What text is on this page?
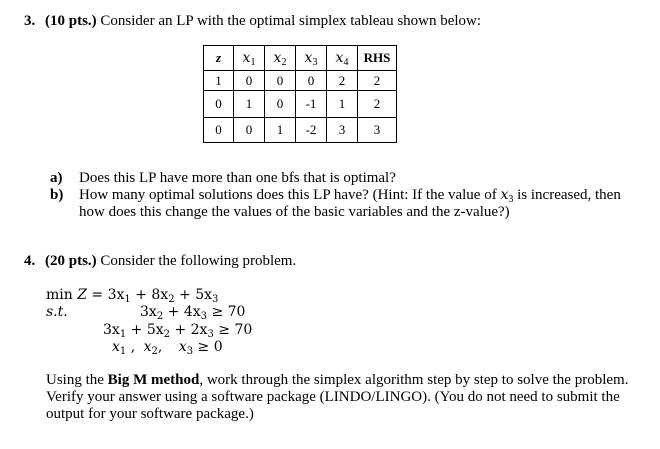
3. (10 pts.) Consider an LP with the optimal simplex tableau shown below:
z	$x_1$	$x_2$	$x_3$	$x_4$	RHS
1	0	0	0	2	2
0	1	0	-1	1	2
0	0	1	-2	3	3
a) Does this LP have more than one bfs that is optimal?
b) How many optimal solutions does this LP have? (Hint: If the value of $x_3$ is increased, then
how does this change the values of the basic variables and the z-value?)
4. (20 pts.) Consider the following problem.
$\min Z = 3x_1 + 8x_2 + 5x_3$
s.t.	$3x_2 + 4x_3 \ge 70$
$3x_1 + 5x_2 + 2x_3 \ge 70$
$x_1$ , $x_2$, $x_3 \ge 0$
Using the Big M method, work through the simplex algorithm step by step to solve the problem.
Verify your answer using a software package (LINDO/LINGO). (You do not need to submit the
output for your software package.)
